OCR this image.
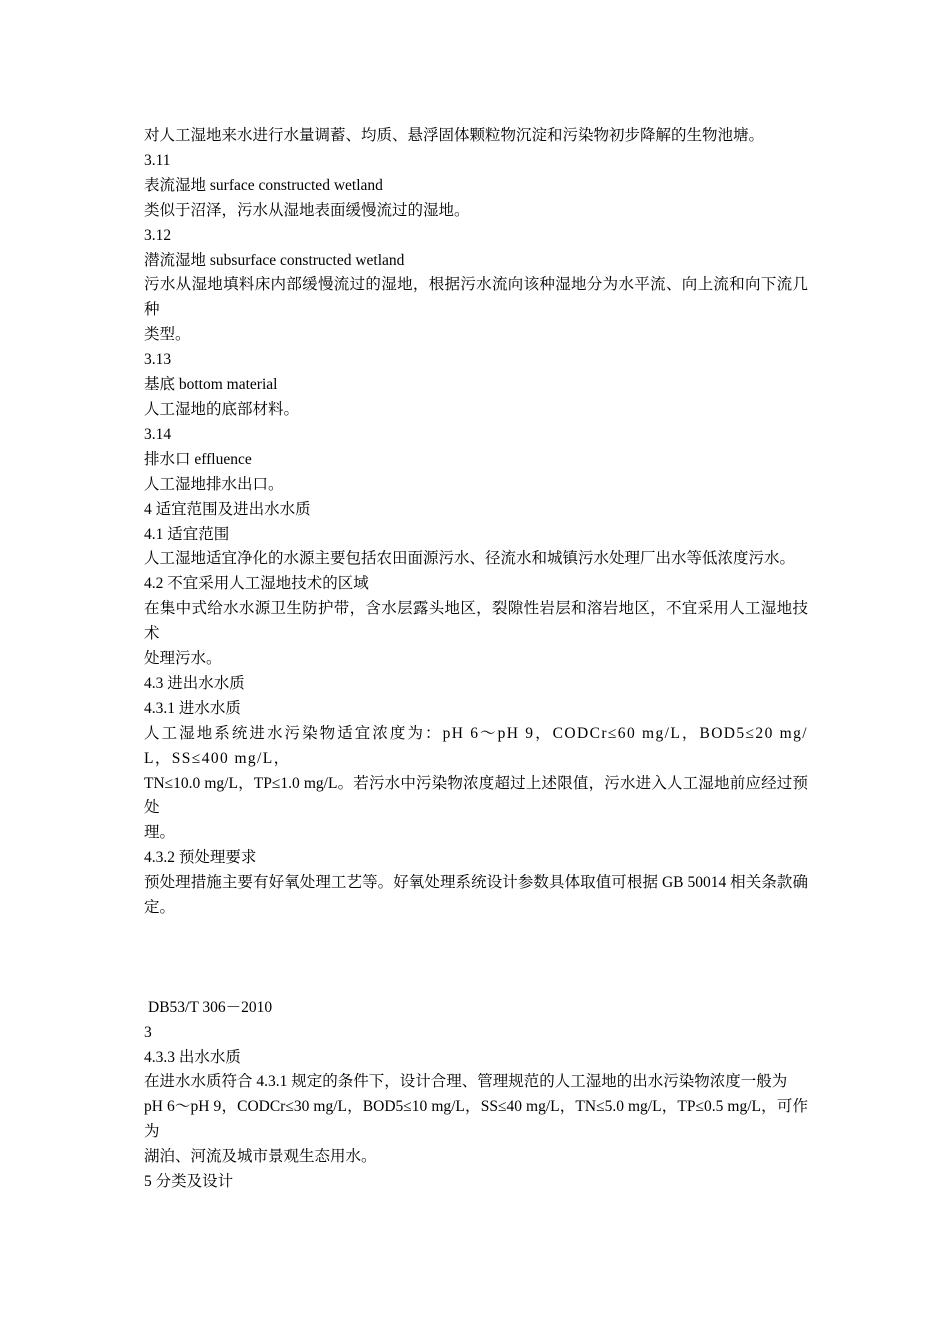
对人工湿地来水进行水量调蓄、均质、悬浮固体颗粒物沉淀和污染物初步降解的生物池塘。
3.11
表流湿地 surface constructed wetland
类似于沼泽，污水从湿地表面缓慢流过的湿地。
3.12
潜流湿地 subsurface constructed wetland
污水从湿地填料床内部缓慢流过的湿地，根据污水流向该种湿地分为水平流、向上流和向下流几种
类型。
3.13
基底 bottom material
人工湿地的底部材料。
3.14
排水口 effluence
人工湿地排水出口。
4 适宜范围及进出水水质
4.1 适宜范围
人工湿地适宜净化的水源主要包括农田面源污水、径流水和城镇污水处理厂出水等低浓度污水。
4.2 不宜采用人工湿地技术的区域
在集中式给水水源卫生防护带，含水层露头地区，裂隙性岩层和溶岩地区，不宜采用人工湿地技术
处理污水。
4.3 进出水水质
4.3.1 进水水质
人工湿地系统进水污染物适宜浓度为：pH 6～pH 9，CODCr≤60 mg/L，BOD5≤20 mg/L，SS≤400 mg/L，
TN≤10.0 mg/L，TP≤1.0 mg/L。若污水中污染物浓度超过上述限值，污水进入人工湿地前应经过预处
理。
4.3.2 预处理要求
预处理措施主要有好氧处理工艺等。好氧处理系统设计参数具体取值可根据 GB 50014 相关条款确定。
DB53/T 306－2010
3
4.3.3 出水水质
在进水水质符合 4.3.1 规定的条件下，设计合理、管理规范的人工湿地的出水污染物浓度一般为
pH 6～pH 9，CODCr≤30 mg/L，BOD5≤10 mg/L，SS≤40 mg/L，TN≤5.0 mg/L，TP≤0.5 mg/L，可作为
湖泊、河流及城市景观生态用水。
5 分类及设计
